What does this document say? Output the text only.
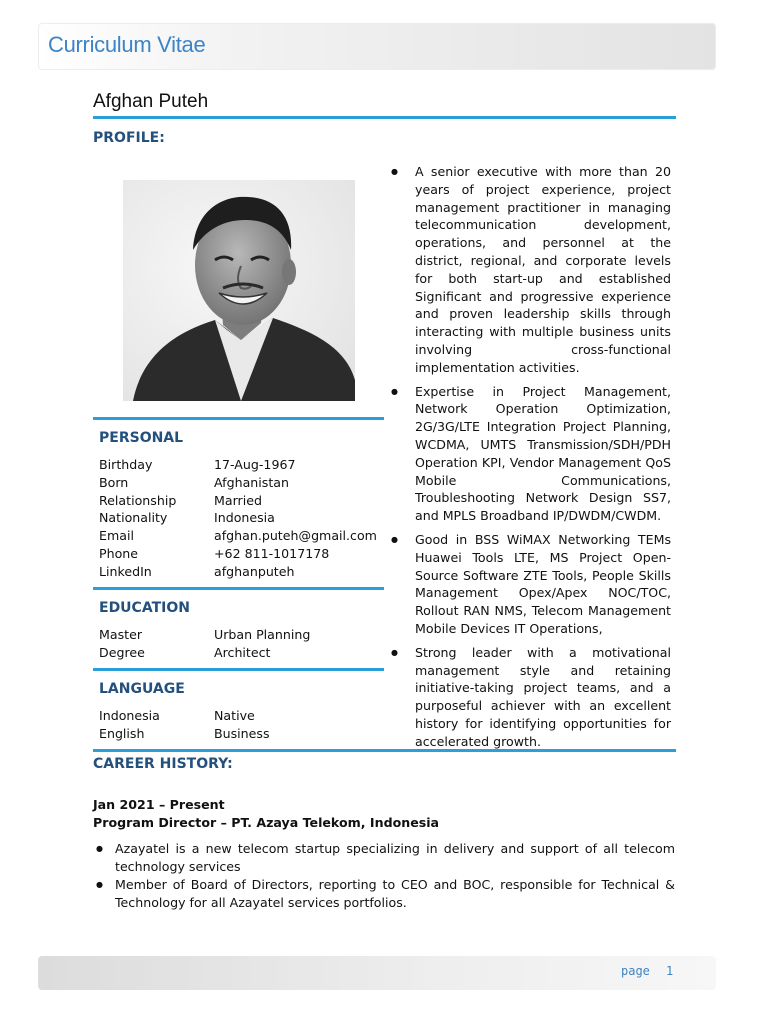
Curriculum Vitae
Afghan Puteh
PROFILE:
● A senior executive with more than 20 years of project experience, project management practitioner in managing telecommunication development, operations, and personnel at the district, regional, and corporate levels for both start-up and established Significant and progressive experience and proven leadership skills through interacting with multiple business units involving cross-functional implementation activities.
● Expertise in Project Management, Network Operation Optimization, 2G/3G/LTE Integration Project Planning, WCDMA, UMTS Transmission/SDH/PDH Operation KPI, Vendor Management QoS Mobile Communications, Troubleshooting Network Design SS7, and MPLS Broadband IP/DWDM/CWDM.
● Good in BSS WiMAX Networking TEMs Huawei Tools LTE, MS Project Open-Source Software ZTE Tools, People Skills Management Opex/Apex NOC/TOC, Rollout RAN NMS, Telecom Management Mobile Devices IT Operations,
● Strong leader with a motivational management style and retaining initiative-taking project teams, and a purposeful achiever with an excellent history for identifying opportunities for accelerated growth.
PERSONAL
Birthday	17-Aug-1967
Born	Afghanistan
Relationship	Married
Nationality	Indonesia
Email	afghan.puteh@gmail.com
Phone	+62 811-1017178
LinkedIn	afghanputeh
EDUCATION
Master	Urban Planning
Degree	Architect
LANGUAGE
Indonesia	Native
English	Business
CAREER HISTORY:
Jan 2021 – Present
Program Director – PT. Azaya Telekom, Indonesia
● Azayatel is a new telecom startup specializing in delivery and support of all telecom technology services
● Member of Board of Directors, reporting to CEO and BOC, responsible for Technical & Technology for all Azayatel services portfolios.
page 1
